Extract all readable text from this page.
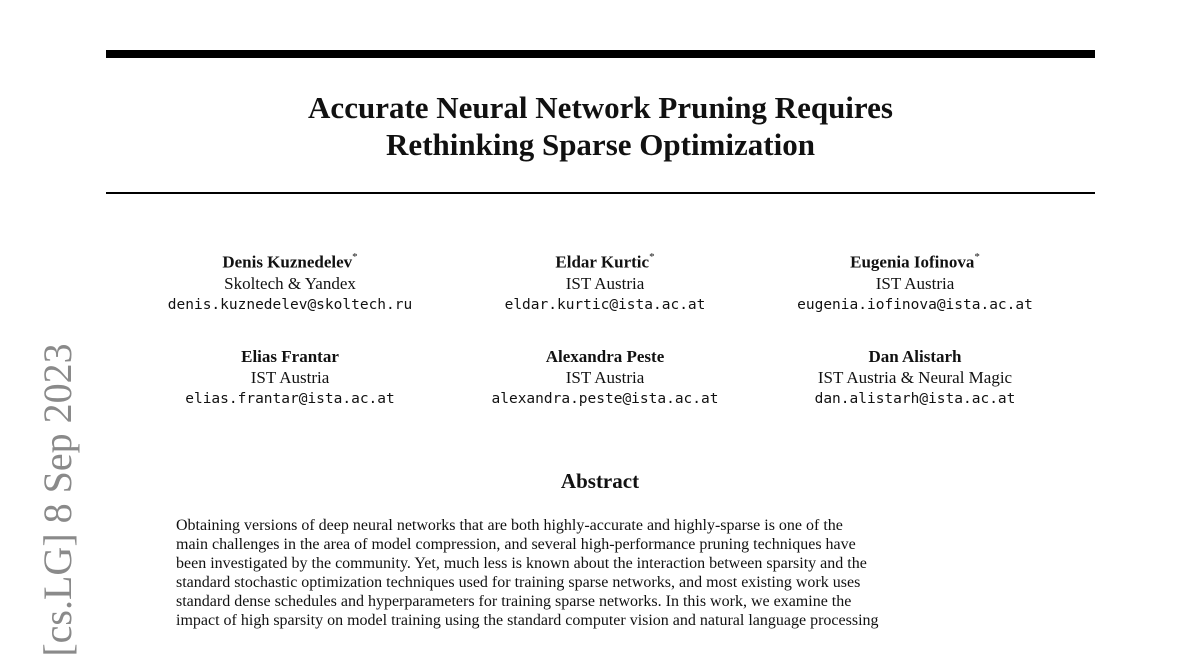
Accurate Neural Network Pruning Requires
Rethinking Sparse Optimization
Denis Kuznedelev*
Skoltech & Yandex
denis.kuznedelev@skoltech.ru
Eldar Kurtic*
IST Austria
eldar.kurtic@ista.ac.at
Eugenia Iofinova*
IST Austria
eugenia.iofinova@ista.ac.at
Elias Frantar
IST Austria
elias.frantar@ista.ac.at
Alexandra Peste
IST Austria
alexandra.peste@ista.ac.at
Dan Alistarh
IST Austria & Neural Magic
dan.alistarh@ista.ac.at
Abstract
Obtaining versions of deep neural networks that are both highly-accurate and highly-sparse is one of the
main challenges in the area of model compression, and several high-performance pruning techniques have
been investigated by the community. Yet, much less is known about the interaction between sparsity and the
standard stochastic optimization techniques used for training sparse networks, and most existing work uses
standard dense schedules and hyperparameters for training sparse networks. In this work, we examine the
impact of high sparsity on model training using the standard computer vision and natural language processing
[cs.LG] 8 Sep 2023
